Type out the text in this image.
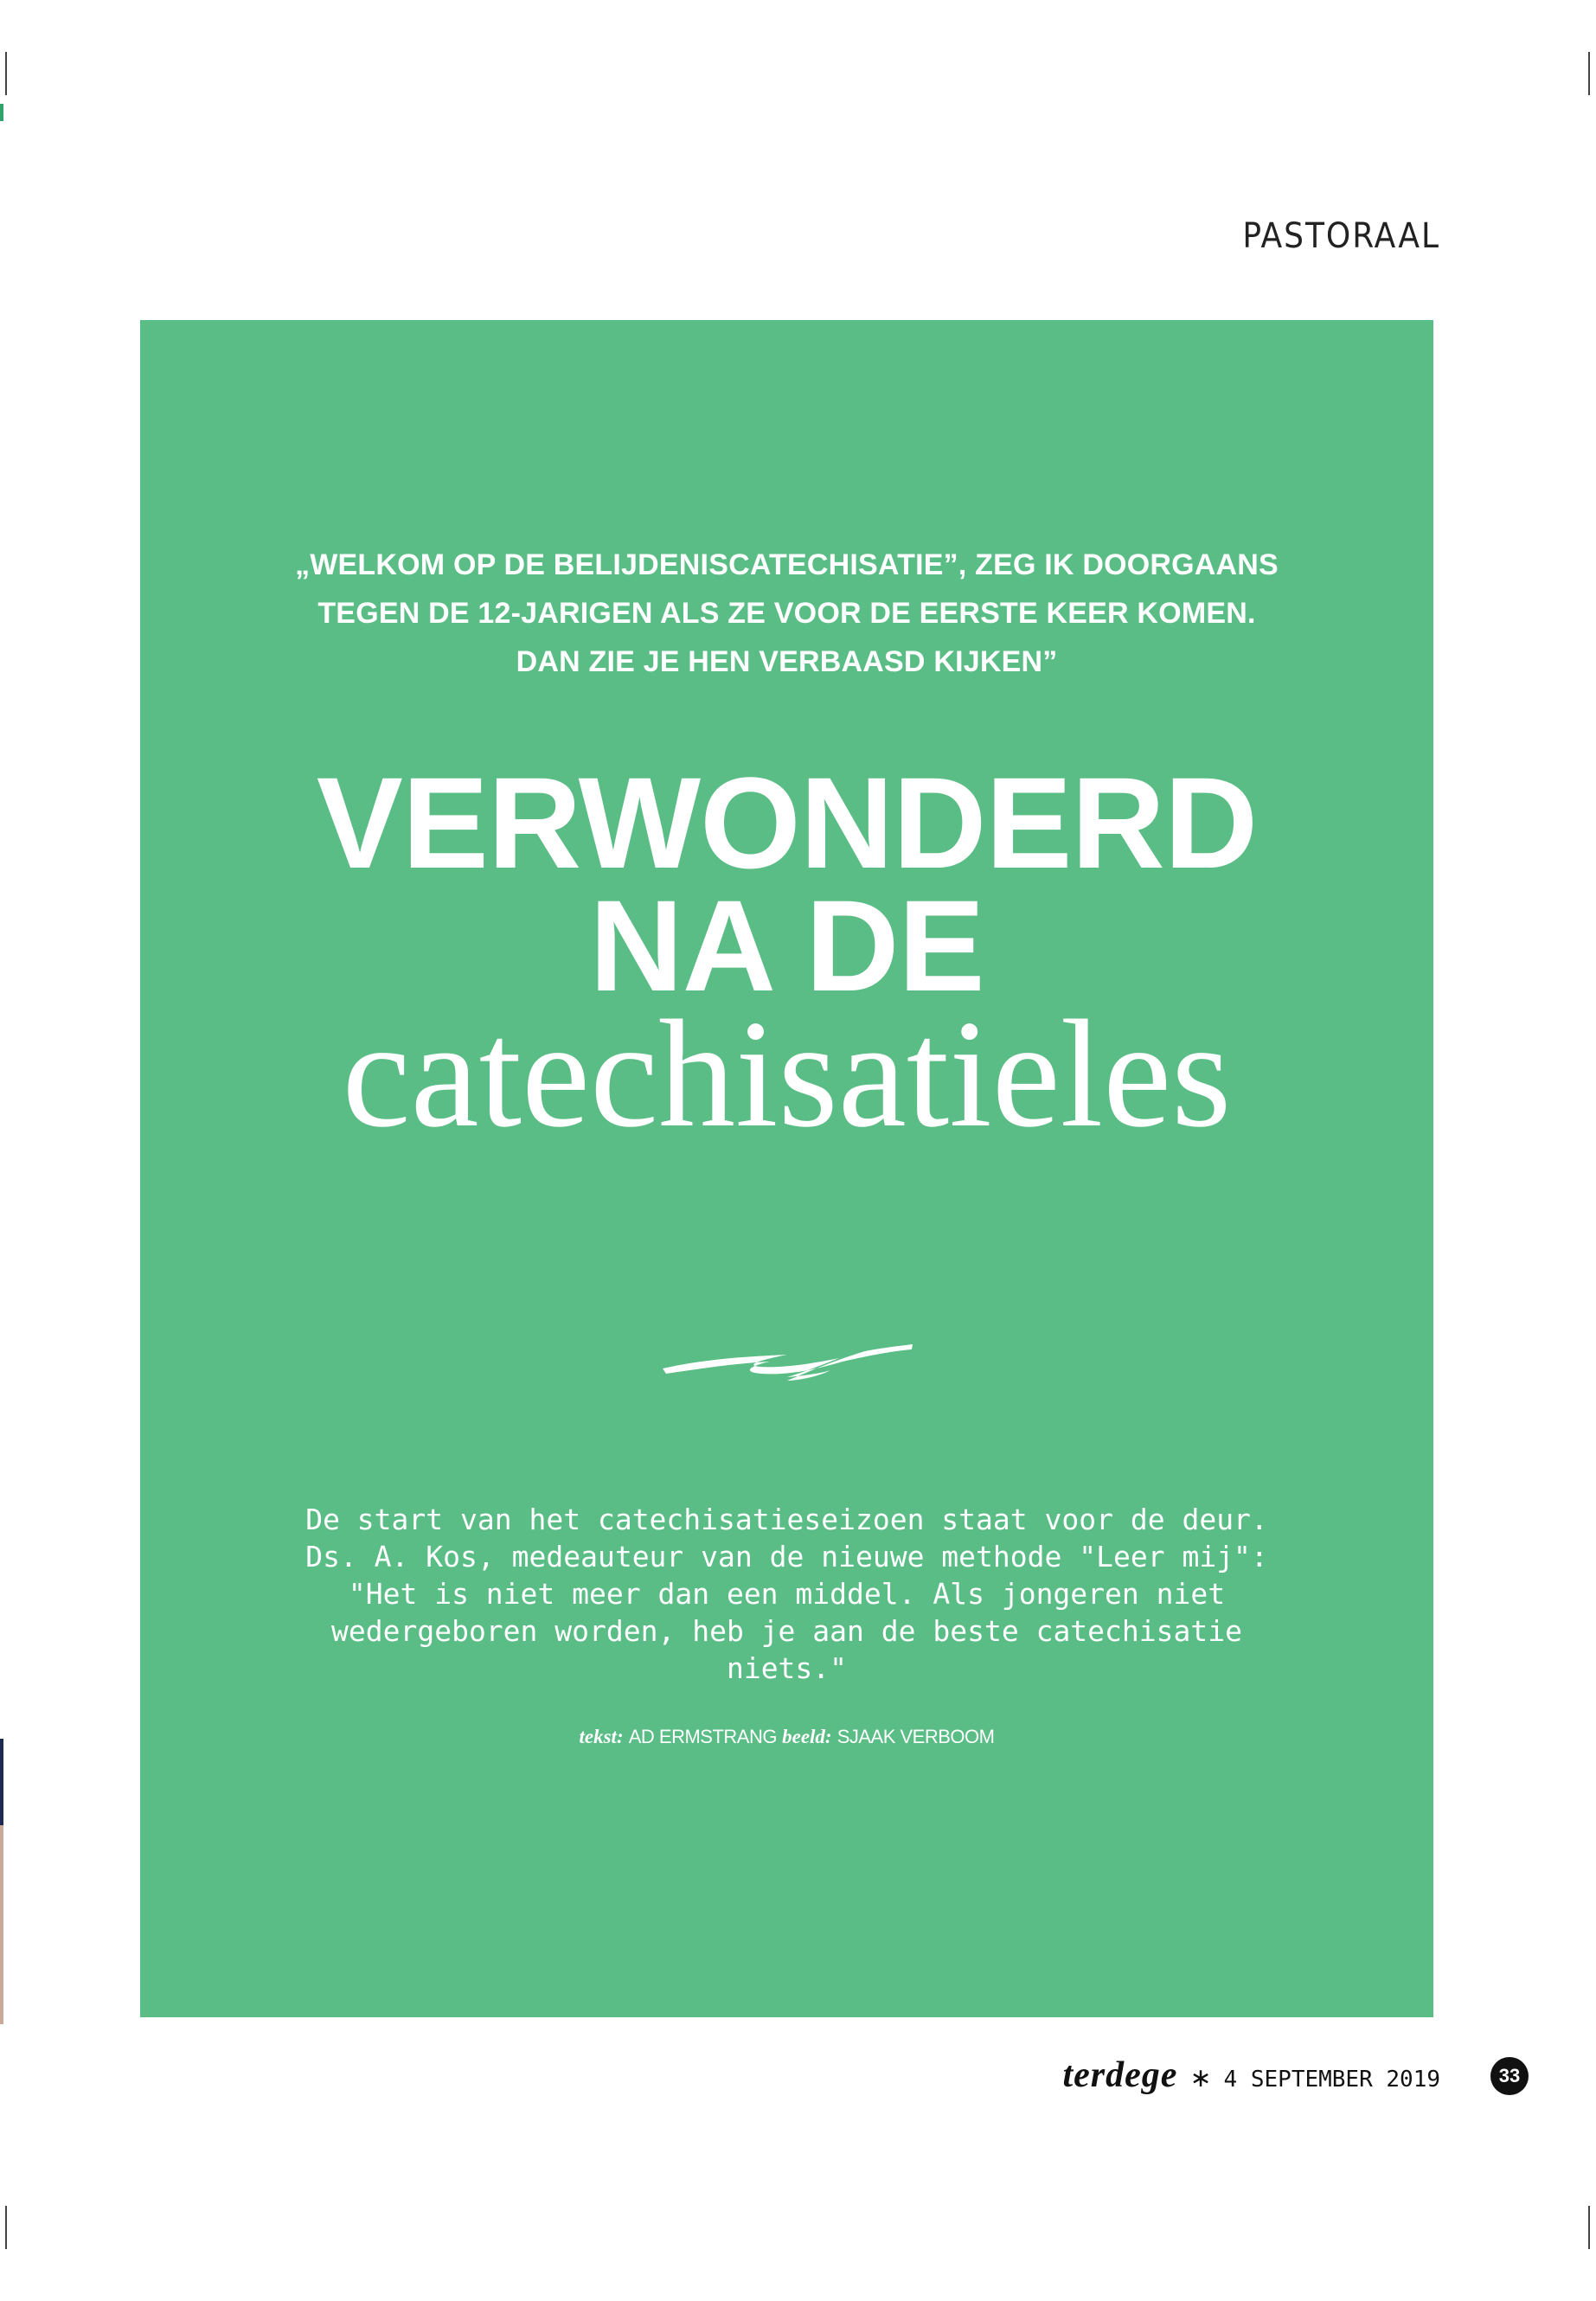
PASTORAAL
„WELKOM OP DE BELIJDENISCATECHISATIE”, ZEG IK DOORGAANS
TEGEN DE 12-JARIGEN ALS ZE VOOR DE EERSTE KEER KOMEN.
DAN ZIE JE HEN VERBAASD KIJKEN”
VERWONDERD
NA DE
catechisatieles
De start van het catechisatieseizoen staat voor de deur.
Ds. A. Kos, medeauteur van de nieuwe methode "Leer mij":
"Het is niet meer dan een middel. Als jongeren niet
wedergeboren worden, heb je aan de beste catechisatie
niets."
tekst: AD ERMSTRANG beeld: SJAAK VERBOOM
terdege ∗ 4 SEPTEMBER 2019	33
